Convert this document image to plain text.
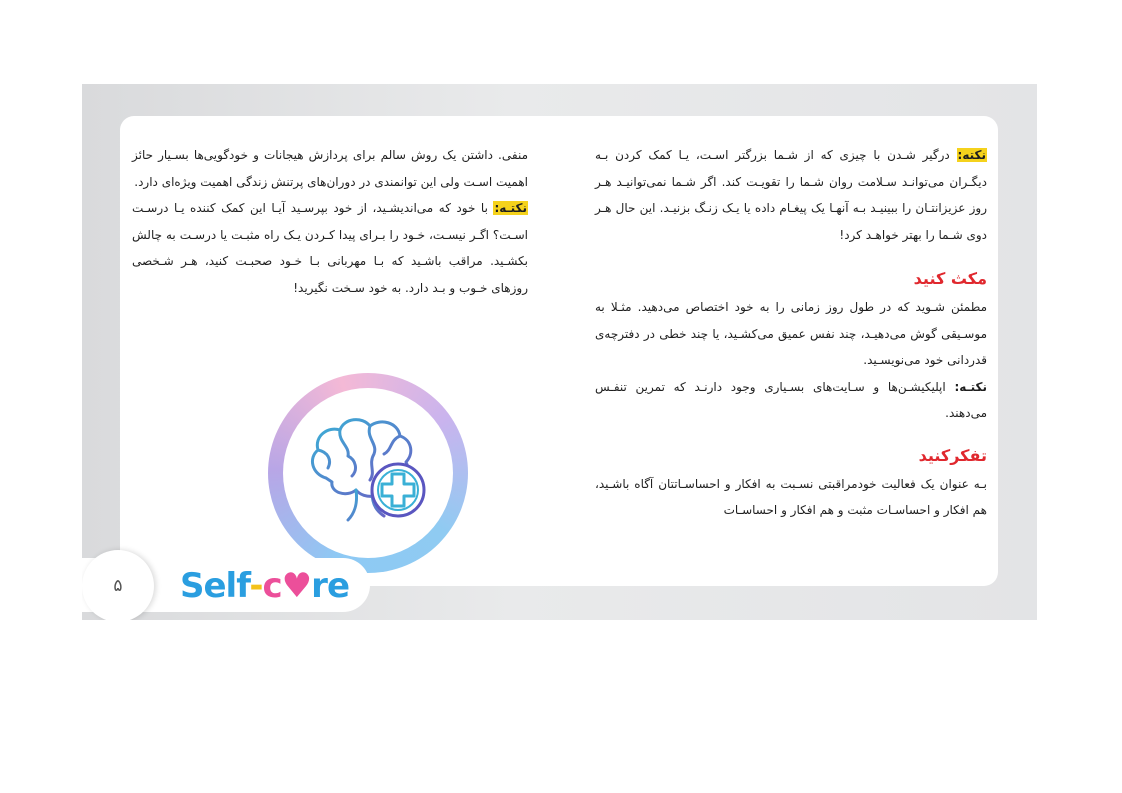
نکته: درگیر شـدن با چیزی که از شـما بزرگتر اسـت، یـا کمک کردن بـه دیگـران می‌توانـد سـلامت روان شـما را تقویـت کند. اگر شـما نمی‌توانیـد هـر روز عزیزانتـان را ببینیـد بـه آنهـا یک پیغـام داده یا یـک زنـگ بزنیـد. این حال هـر دوی شـما را بهتر خواهـد کرد!

مکث کنید

مطمئن شـوید که در طول روز زمانی را به خود اختصاص می‌دهید. مثـلا به موسـیقی گوش می‌دهیـد، چند نفس عمیق می‌کشـید، یا چند خطی در دفترچه‌ی قدردانی خود می‌نویسـید.

نکتـه: اپلیکیشـن‌ها و سـایت‌های بسـیاری وجود دارنـد که تمرین تنفـس می‌دهند.

تفکرکنید

بـه عنوان یک فعالیت خودمراقبتی نسـبت به افکار و احساسـاتتان آگاه باشـید، هم افکار و احساسـات مثبت و هم افکار و احساسـات

منفی. داشتن یک روش سالم برای پردازش هیجانات و خودگویی‌ها بسـیار حائز اهمیت اسـت ولی این توانمندی در دوران‌های پرتنش زندگی اهمیت ویژه‌ای دارد.

نکتـه: با خود که می‌اندیشـید، از خود بپرسـید آیـا این کمک کننده یـا درسـت اسـت؟ اگـر نیسـت، خـود را بـرای پیدا کـردن یـک راه مثبـت یا درسـت به چالش بکشـید. مراقب باشـید که بـا مهربانی بـا خـود صحبـت کنید، هـر شـخصی روزهای خـوب و بـد دارد. به خود سـخت نگیرید!

۵	Self-c♥re
